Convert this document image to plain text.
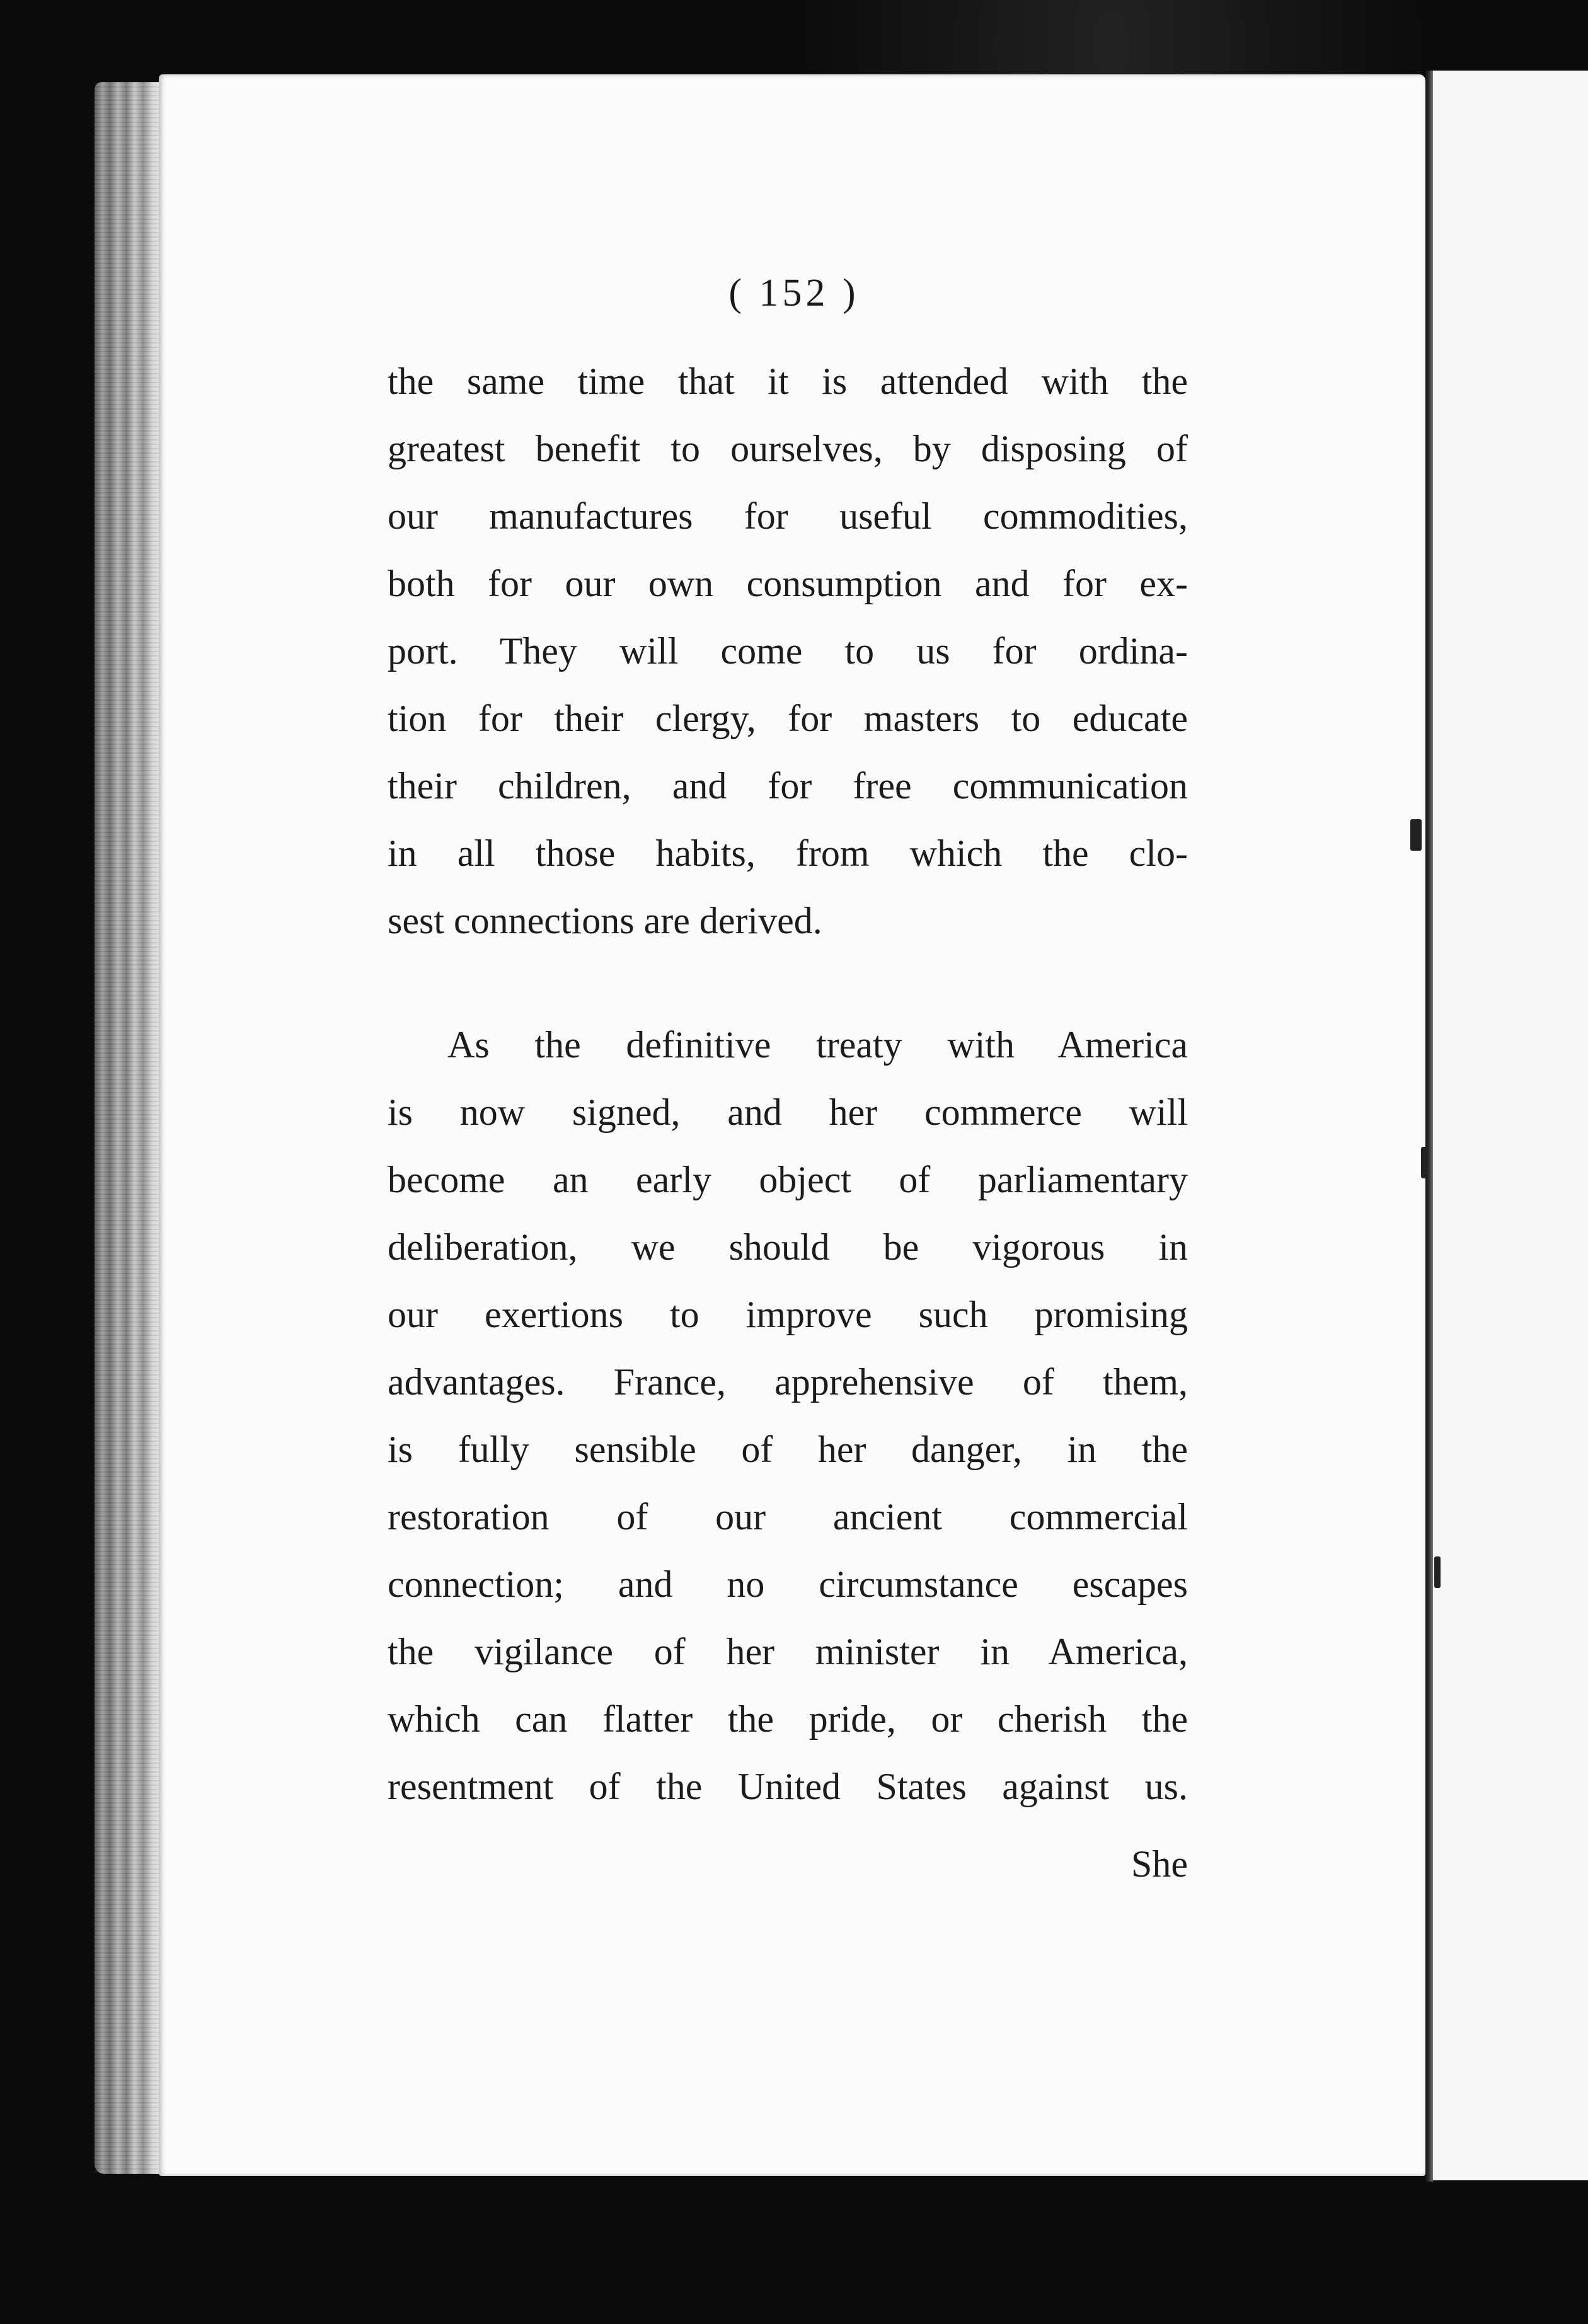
( 152 )
the same time that it is attended with the
greatest benefit to ourselves, by disposing of
our manufactures for useful commodities,
both for our own consumption and for ex-
port. They will come to us for ordina-
tion for their clergy, for masters to educate
their children, and for free communication
in all those habits, from which the clo-
sest connections are derived.
As the definitive treaty with America
is now signed, and her commerce will
become an early object of parliamentary
deliberation, we should be vigorous in
our exertions to improve such promising
advantages. France, apprehensive of them,
is fully sensible of her danger, in the
restoration of our ancient commercial
connection; and no circumstance escapes
the vigilance of her minister in America,
which can flatter the pride, or cherish the
resentment of the United States against us.
She
